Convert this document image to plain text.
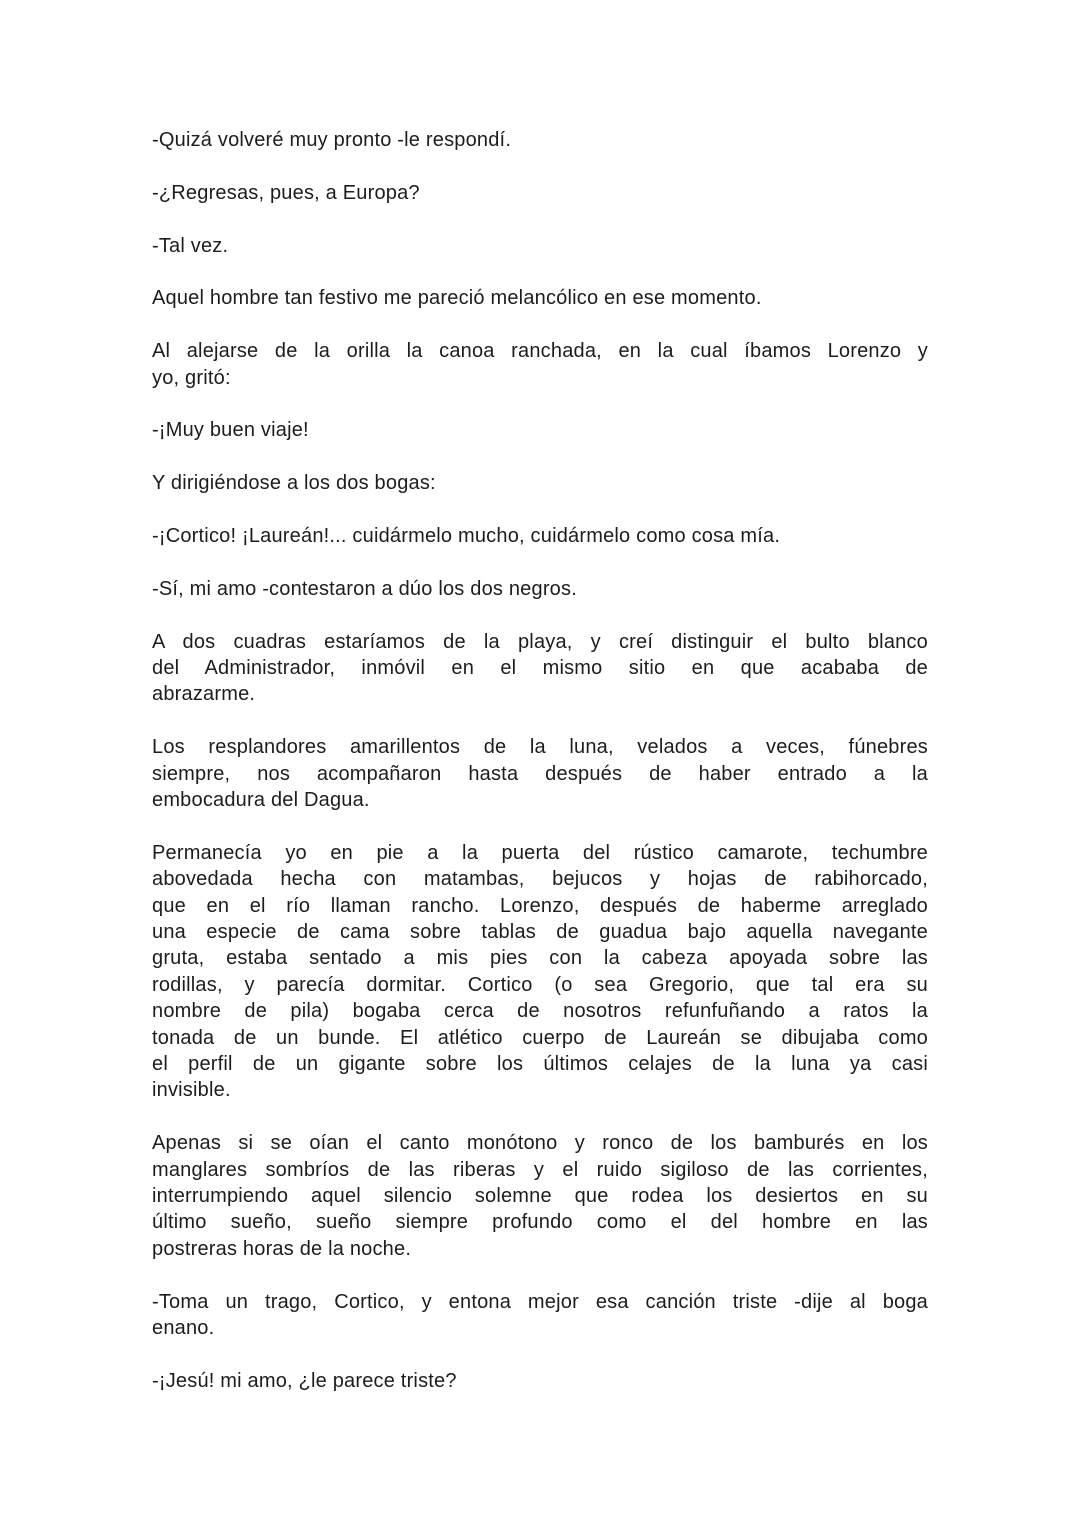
-Quizá volveré muy pronto -le respondí.
-¿Regresas, pues, a Europa?
-Tal vez.
Aquel hombre tan festivo me pareció melancólico en ese momento.
Al alejarse de la orilla la canoa ranchada, en la cual íbamos Lorenzo y
yo, gritó:
-¡Muy buen viaje!
Y dirigiéndose a los dos bogas:
-¡Cortico! ¡Laureán!... cuidármelo mucho, cuidármelo como cosa mía.
-Sí, mi amo -contestaron a dúo los dos negros.
A dos cuadras estaríamos de la playa, y creí distinguir el bulto blanco
del Administrador, inmóvil en el mismo sitio en que acababa de
abrazarme.
Los resplandores amarillentos de la luna, velados a veces, fúnebres
siempre, nos acompañaron hasta después de haber entrado a la
embocadura del Dagua.
Permanecía yo en pie a la puerta del rústico camarote, techumbre
abovedada hecha con matambas, bejucos y hojas de rabihorcado,
que en el río llaman rancho. Lorenzo, después de haberme arreglado
una especie de cama sobre tablas de guadua bajo aquella navegante
gruta, estaba sentado a mis pies con la cabeza apoyada sobre las
rodillas, y parecía dormitar. Cortico (o sea Gregorio, que tal era su
nombre de pila) bogaba cerca de nosotros refunfuñando a ratos la
tonada de un bunde. El atlético cuerpo de Laureán se dibujaba como
el perfil de un gigante sobre los últimos celajes de la luna ya casi
invisible.
Apenas si se oían el canto monótono y ronco de los bamburés en los
manglares sombríos de las riberas y el ruido sigiloso de las corrientes,
interrumpiendo aquel silencio solemne que rodea los desiertos en su
último sueño, sueño siempre profundo como el del hombre en las
postreras horas de la noche.
-Toma un trago, Cortico, y entona mejor esa canción triste -dije al boga
enano.
-¡Jesú! mi amo, ¿le parece triste?
